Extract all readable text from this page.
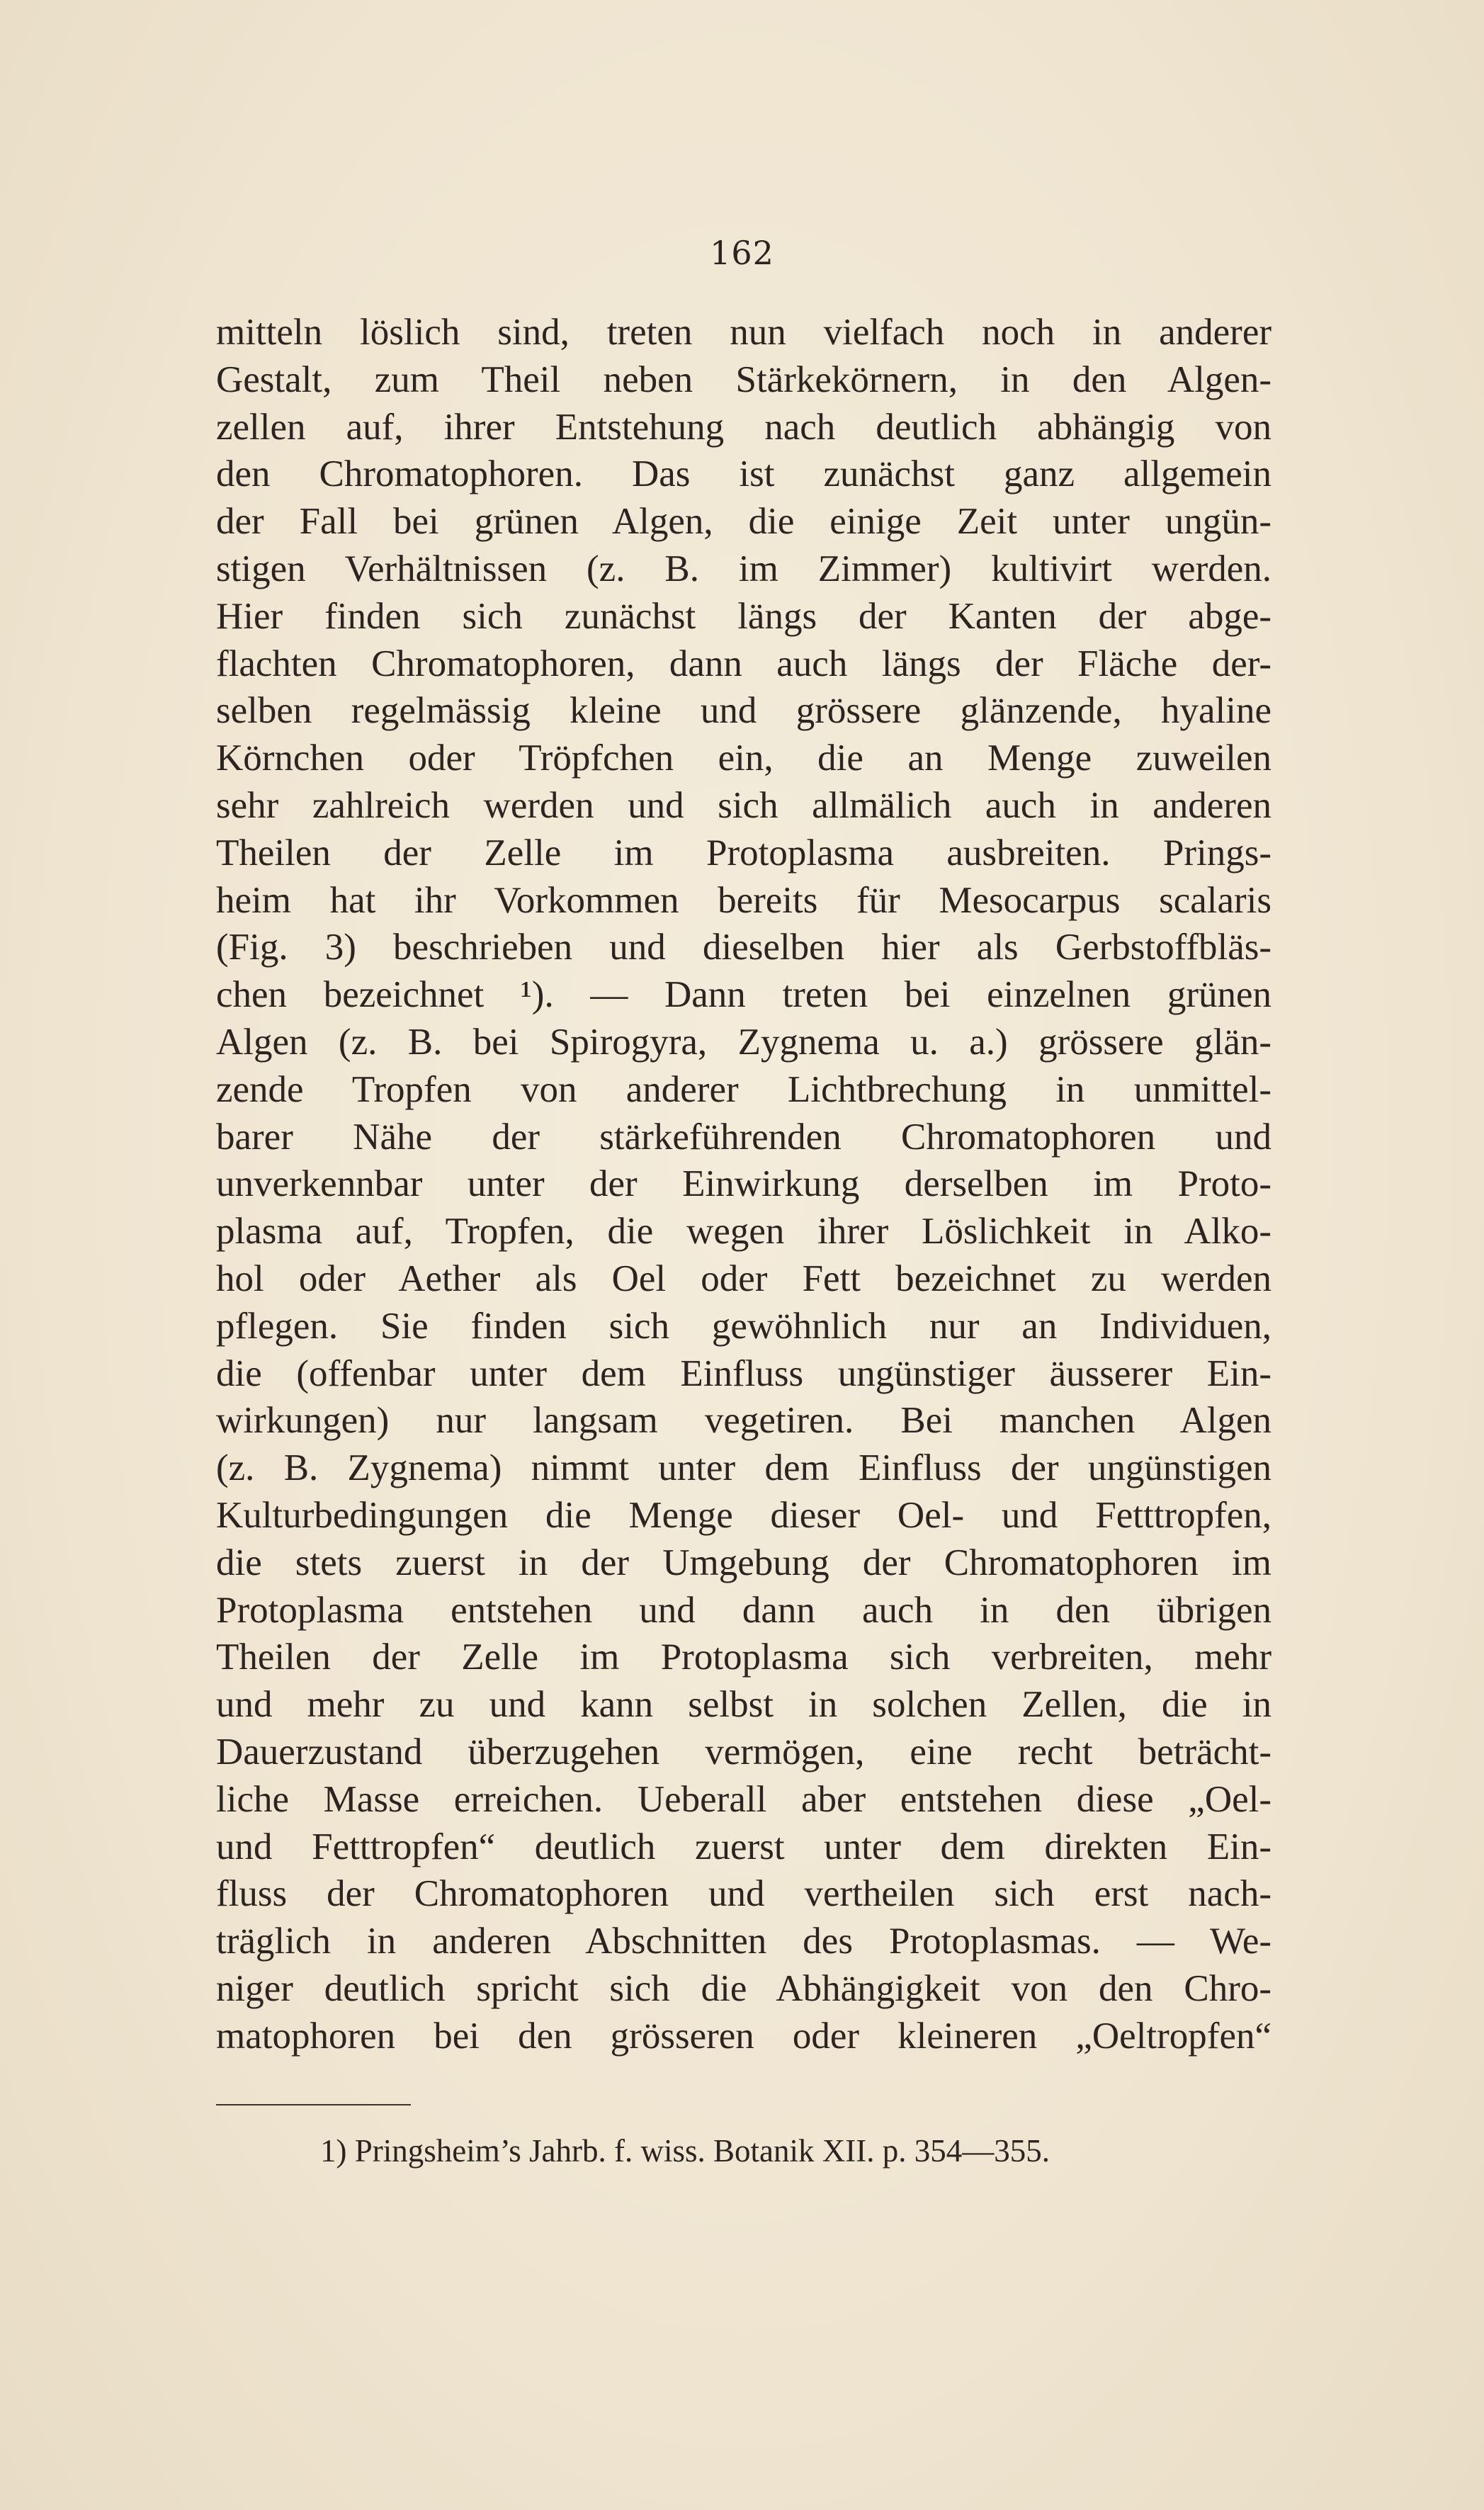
162
mitteln löslich sind, treten nun vielfach noch in anderer
Gestalt, zum Theil neben Stärkekörnern, in den Algen-
zellen auf, ihrer Entstehung nach deutlich abhängig von
den Chromatophoren. Das ist zunächst ganz allgemein
der Fall bei grünen Algen, die einige Zeit unter ungün-
stigen Verhältnissen (z. B. im Zimmer) kultivirt werden.
Hier finden sich zunächst längs der Kanten der abge-
flachten Chromatophoren, dann auch längs der Fläche der-
selben regelmässig kleine und grössere glänzende, hyaline
Körnchen oder Tröpfchen ein, die an Menge zuweilen
sehr zahlreich werden und sich allmälich auch in anderen
Theilen der Zelle im Protoplasma ausbreiten. Prings-
heim hat ihr Vorkommen bereits für Mesocarpus scalaris
(Fig. 3) beschrieben und dieselben hier als Gerbstoffbläs-
chen bezeichnet ¹). — Dann treten bei einzelnen grünen
Algen (z. B. bei Spirogyra, Zygnema u. a.) grössere glän-
zende Tropfen von anderer Lichtbrechung in unmittel-
barer Nähe der stärkeführenden Chromatophoren und
unverkennbar unter der Einwirkung derselben im Proto-
plasma auf, Tropfen, die wegen ihrer Löslichkeit in Alko-
hol oder Aether als Oel oder Fett bezeichnet zu werden
pflegen. Sie finden sich gewöhnlich nur an Individuen,
die (offenbar unter dem Einfluss ungünstiger äusserer Ein-
wirkungen) nur langsam vegetiren. Bei manchen Algen
(z. B. Zygnema) nimmt unter dem Einfluss der ungünstigen
Kulturbedingungen die Menge dieser Oel- und Fetttropfen,
die stets zuerst in der Umgebung der Chromatophoren im
Protoplasma entstehen und dann auch in den übrigen
Theilen der Zelle im Protoplasma sich verbreiten, mehr
und mehr zu und kann selbst in solchen Zellen, die in
Dauerzustand überzugehen vermögen, eine recht beträcht-
liche Masse erreichen. Ueberall aber entstehen diese „Oel-
und Fetttropfen“ deutlich zuerst unter dem direkten Ein-
fluss der Chromatophoren und vertheilen sich erst nach-
träglich in anderen Abschnitten des Protoplasmas. — We-
niger deutlich spricht sich die Abhängigkeit von den Chro-
matophoren bei den grösseren oder kleineren „Oeltropfen“
1) Pringsheim’s Jahrb. f. wiss. Botanik XII. p. 354—355.
